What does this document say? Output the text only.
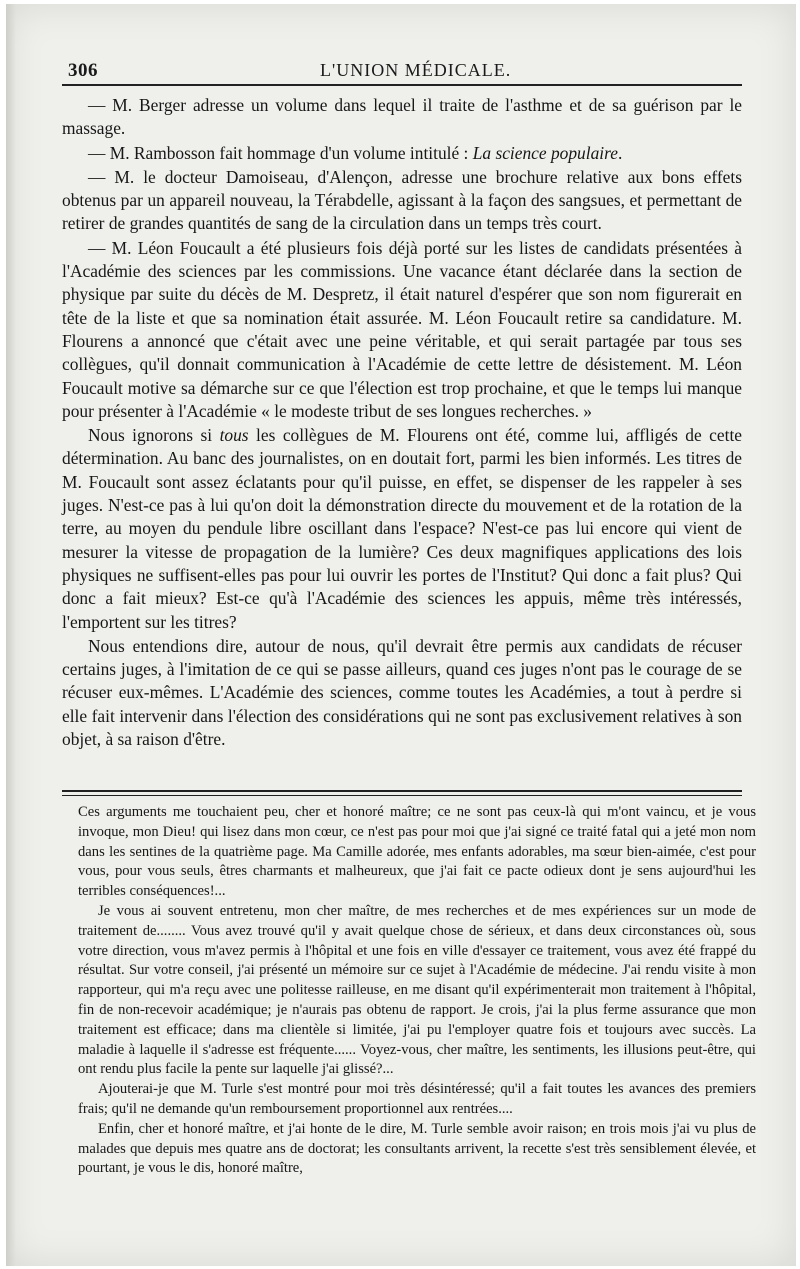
306	L'UNION MÉDICALE.

— M. Berger adresse un volume dans lequel il traite de l'asthme et de sa guérison par le massage.

— M. Rambosson fait hommage d'un volume intitulé : La science populaire.

— M. le docteur Damoiseau, d'Alençon, adresse une brochure relative aux bons effets obtenus par un appareil nouveau, la Térabdelle, agissant à la façon des sangsues, et permettant de retirer de grandes quantités de sang de la circulation dans un temps très court.

— M. Léon Foucault a été plusieurs fois déjà porté sur les listes de candidats présentées à l'Académie des sciences par les commissions. Une vacance étant déclarée dans la section de physique par suite du décès de M. Despretz, il était naturel d'espérer que son nom figurerait en tête de la liste et que sa nomination était assurée. M. Léon Foucault retire sa candidature. M. Flourens a annoncé que c'était avec une peine véritable, et qui serait partagée par tous ses collègues, qu'il donnait communication à l'Académie de cette lettre de désistement. M. Léon Foucault motive sa démarche sur ce que l'élection est trop prochaine, et que le temps lui manque pour présenter à l'Académie « le modeste tribut de ses longues recherches. »

Nous ignorons si tous les collègues de M. Flourens ont été, comme lui, affligés de cette détermination. Au banc des journalistes, on en doutait fort, parmi les bien informés. Les titres de M. Foucault sont assez éclatants pour qu'il puisse, en effet, se dispenser de les rappeler à ses juges. N'est-ce pas à lui qu'on doit la démonstration directe du mouvement et de la rotation de la terre, au moyen du pendule libre oscillant dans l'espace? N'est-ce pas lui encore qui vient de mesurer la vitesse de propagation de la lumière? Ces deux magnifiques applications des lois physiques ne suffisent-elles pas pour lui ouvrir les portes de l'Institut? Qui donc a fait plus? Qui donc a fait mieux? Est-ce qu'à l'Académie des sciences les appuis, même très intéressés, l'emportent sur les titres?

Nous entendions dire, autour de nous, qu'il devrait être permis aux candidats de récuser certains juges, à l'imitation de ce qui se passe ailleurs, quand ces juges n'ont pas le courage de se récuser eux-mêmes. L'Académie des sciences, comme toutes les Académies, a tout à perdre si elle fait intervenir dans l'élection des considérations qui ne sont pas exclusivement relatives à son objet, à sa raison d'être.

Ces arguments me touchaient peu, cher et honoré maître; ce ne sont pas ceux-là qui m'ont vaincu, et je vous invoque, mon Dieu! qui lisez dans mon cœur, ce n'est pas pour moi que j'ai signé ce traité fatal qui a jeté mon nom dans les sentines de la quatrième page. Ma Camille adorée, mes enfants adorables, ma sœur bien-aimée, c'est pour vous, pour vous seuls, êtres charmants et malheureux, que j'ai fait ce pacte odieux dont je sens aujourd'hui les terribles conséquences!...

Je vous ai souvent entretenu, mon cher maître, de mes recherches et de mes expériences sur un mode de traitement de........ Vous avez trouvé qu'il y avait quelque chose de sérieux, et dans deux circonstances où, sous votre direction, vous m'avez permis à l'hôpital et une fois en ville d'essayer ce traitement, vous avez été frappé du résultat. Sur votre conseil, j'ai présenté un mémoire sur ce sujet à l'Académie de médecine. J'ai rendu visite à mon rapporteur, qui m'a reçu avec une politesse railleuse, en me disant qu'il expérimenterait mon traitement à l'hôpital, fin de non-recevoir académique; je n'aurais pas obtenu de rapport. Je crois, j'ai la plus ferme assurance que mon traitement est efficace; dans ma clientèle si limitée, j'ai pu l'employer quatre fois et toujours avec succès. La maladie à laquelle il s'adresse est fréquente...... Voyez-vous, cher maître, les sentiments, les illusions peut-être, qui ont rendu plus facile la pente sur laquelle j'ai glissé?...

Ajouterai-je que M. Turle s'est montré pour moi très désintéressé; qu'il a fait toutes les avances des premiers frais; qu'il ne demande qu'un remboursement proportionnel aux rentrées....

Enfin, cher et honoré maître, et j'ai honte de le dire, M. Turle semble avoir raison; en trois mois j'ai vu plus de malades que depuis mes quatre ans de doctorat; les consultants arrivent, la recette s'est très sensiblement élevée, et pourtant, je vous le dis, honoré maître,
